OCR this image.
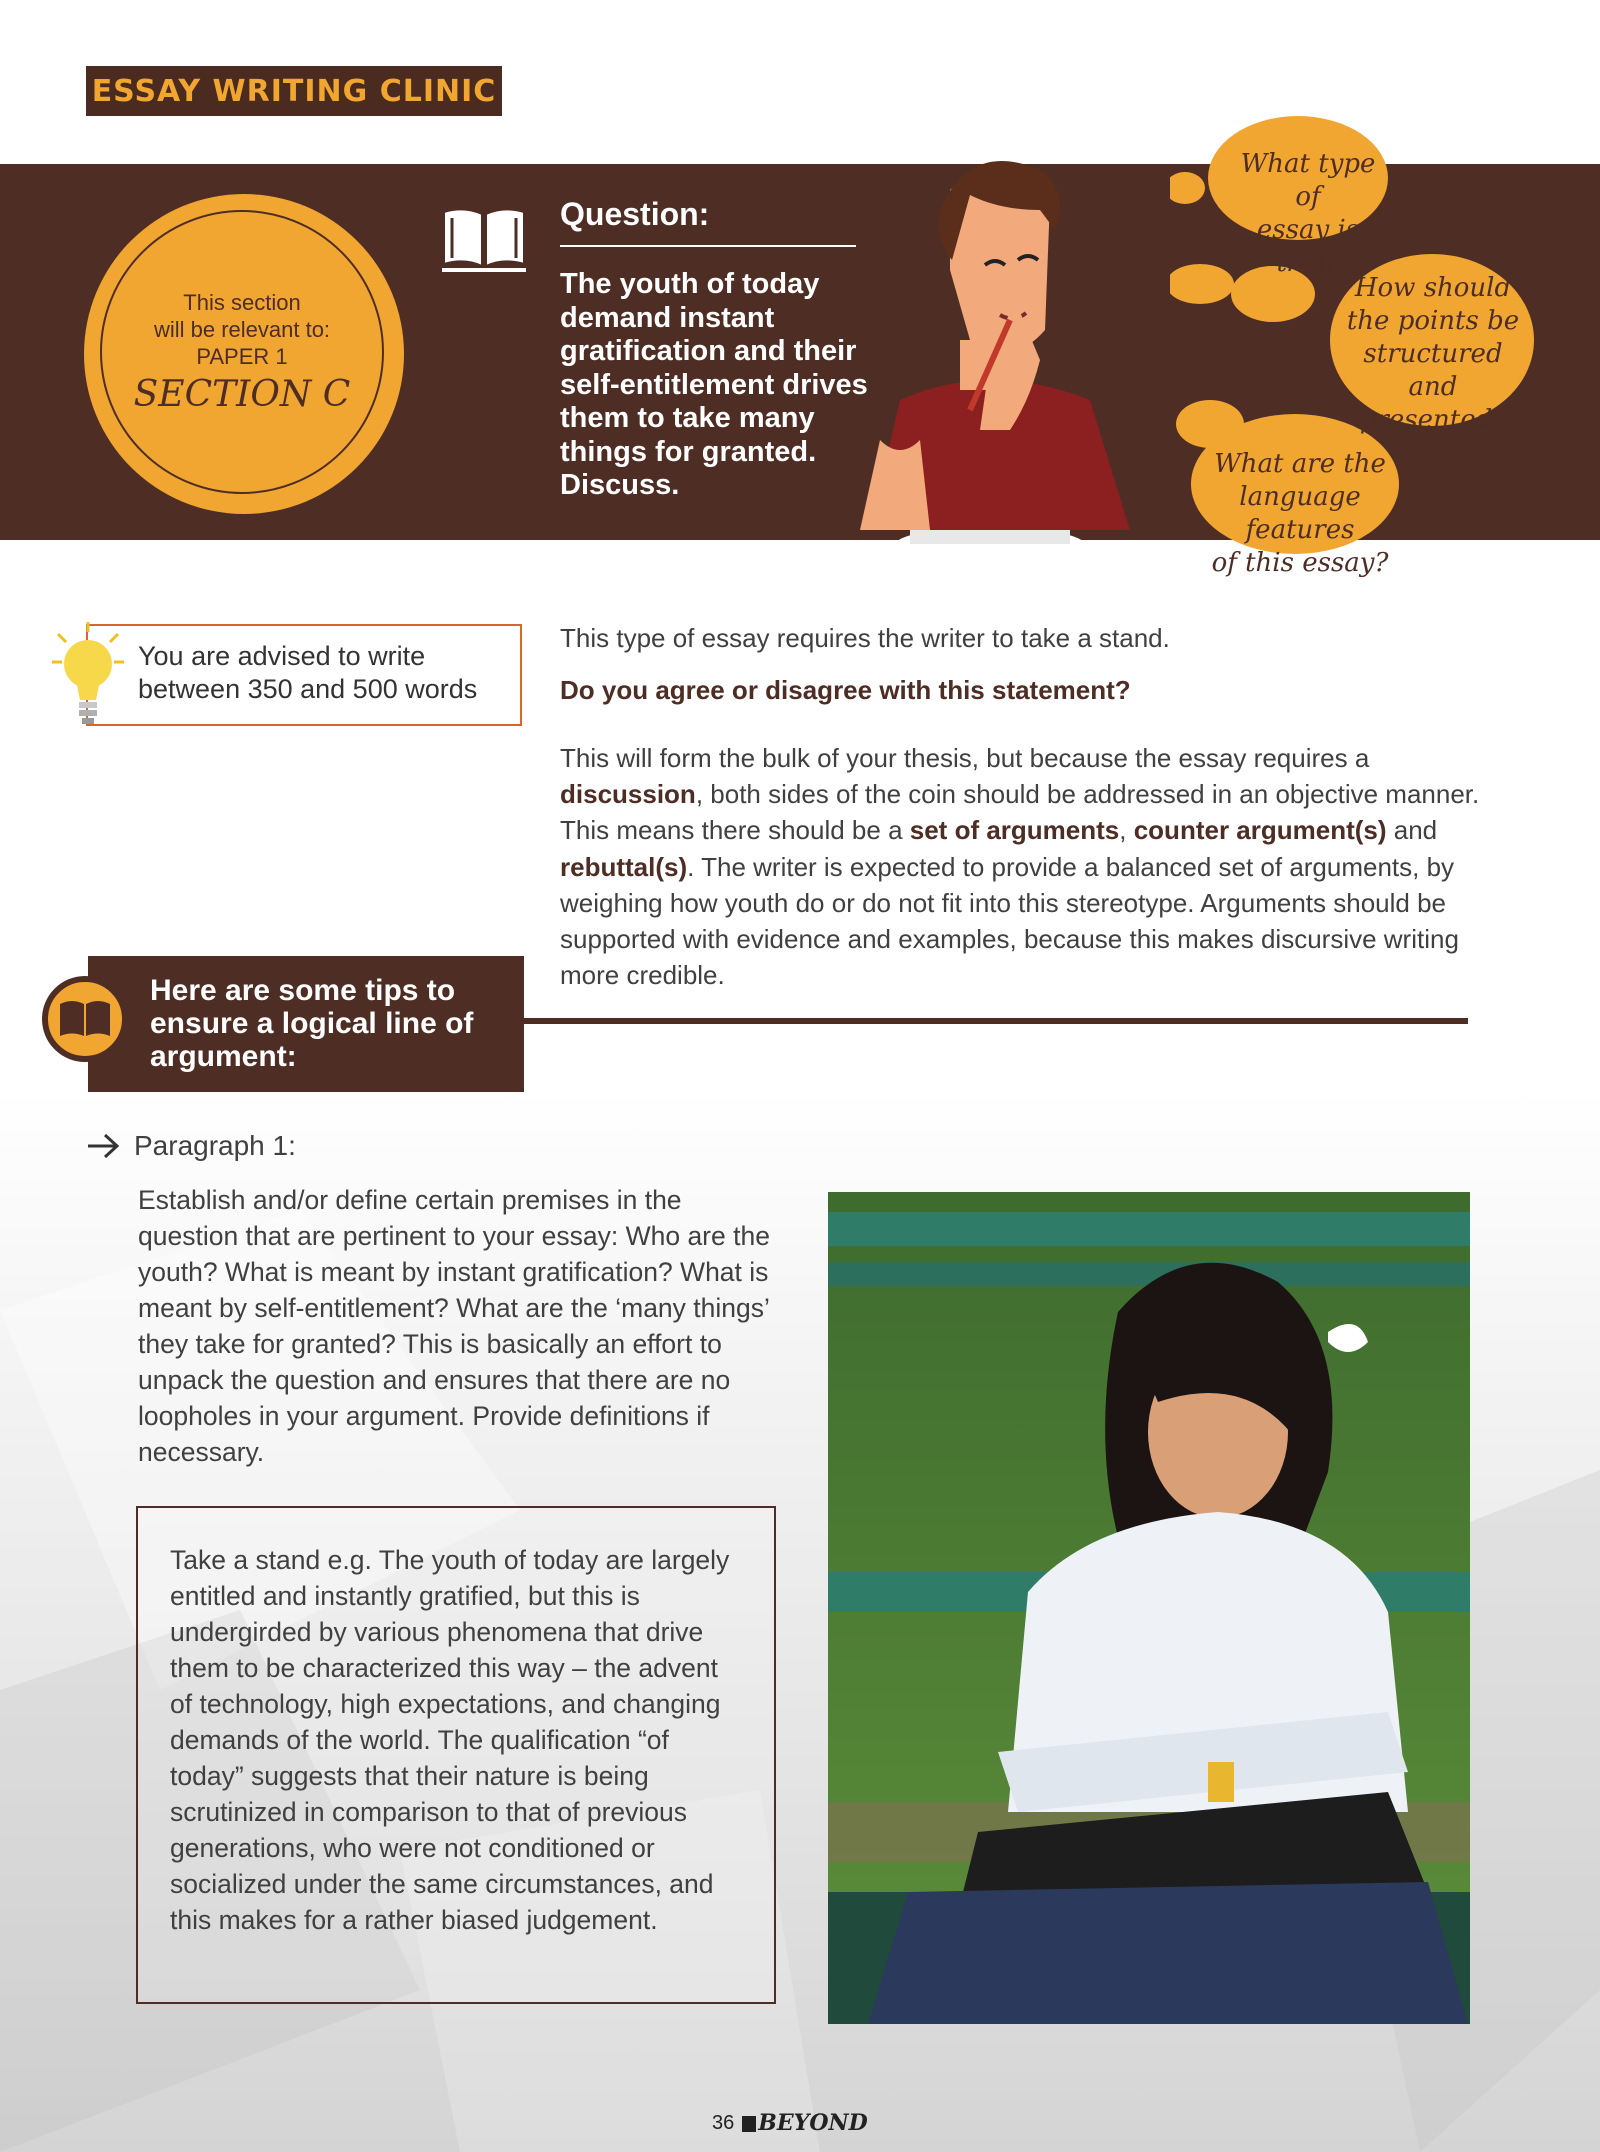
ESSAY WRITING CLINIC
This section
will be relevant to:
PAPER 1
SECTION C
Question:
The youth of today demand instant gratification and their self-entitlement drives them to take many things for granted. Discuss.
What type of
essay is this?
How should
the points be
structured and
presented?
What are the
language features
of this essay?
You are advised to write
between 350 and 500 words
This type of essay requires the writer to take a stand.
Do you agree or disagree with this statement?
This will form the bulk of your thesis, but because the essay requires a discussion, both sides of the coin should be addressed in an objective manner. This means there should be a set of arguments, counter argument(s) and rebuttal(s). The writer is expected to provide a balanced set of arguments, by weighing how youth do or do not fit into this stereotype. Arguments should be supported with evidence and examples, because this makes discursive writing more credible.
Here are some tips to
ensure a logical line of
argument:
Paragraph 1:
Establish and/or define certain premises in the question that are pertinent to your essay: Who are the youth? What is meant by instant gratification? What is meant by self-entitlement? What are the ‘many things’ they take for granted? This is basically an effort to unpack the question and ensures that there are no loopholes in your argument. Provide definitions if necessary.
Take a stand e.g. The youth of today are largely entitled and instantly gratified, but this is undergirded by various phenomena that drive them to be characterized this way – the advent of technology, high expectations, and changing demands of the world. The qualification “of today” suggests that their nature is being scrutinized in comparison to that of previous generations, who were not conditioned or socialized under the same circumstances, and this makes for a rather biased judgement.
36	BEYOND
